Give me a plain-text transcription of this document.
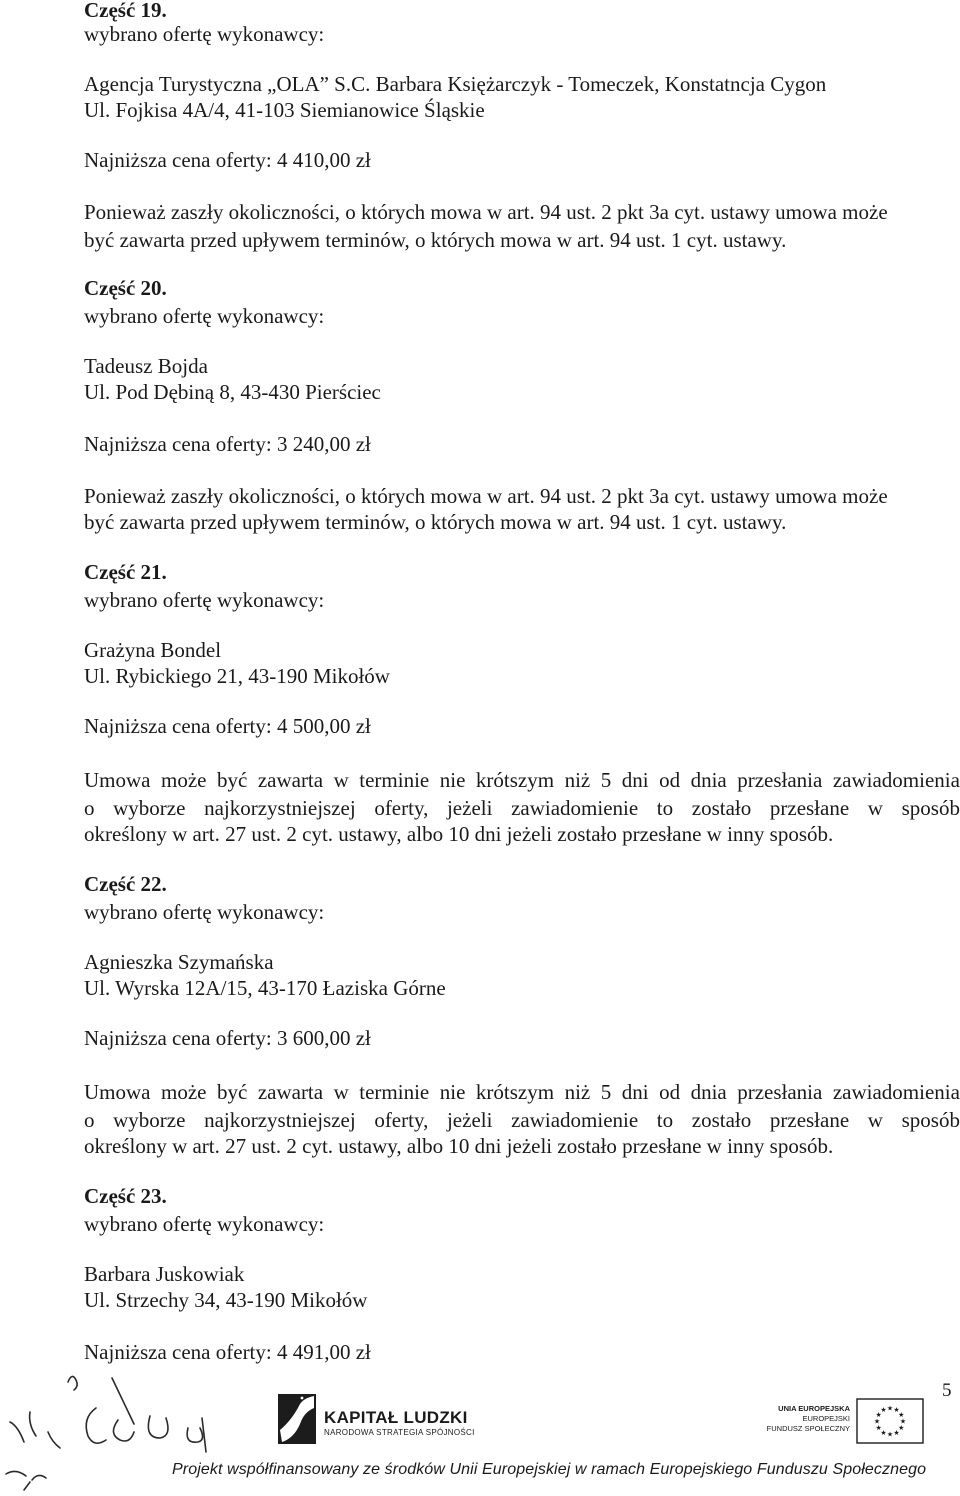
Część 19.
wybrano ofertę wykonawcy:
Agencja Turystyczna „OLA” S.C. Barbara Księżarczyk - Tomeczek, Konstatncja Cygon
Ul. Fojkisa 4A/4, 41-103 Siemianowice Śląskie
Najniższa cena oferty: 4 410,00 zł
Ponieważ zaszły okoliczności, o których mowa w art. 94 ust. 2 pkt 3a cyt. ustawy umowa może
być zawarta przed upływem terminów, o których mowa w art. 94 ust. 1 cyt. ustawy.
Część 20.
wybrano ofertę wykonawcy:
Tadeusz Bojda
Ul. Pod Dębiną 8, 43-430 Pierściec
Najniższa cena oferty: 3 240,00 zł
Ponieważ zaszły okoliczności, o których mowa w art. 94 ust. 2 pkt 3a cyt. ustawy umowa może
być zawarta przed upływem terminów, o których mowa w art. 94 ust. 1 cyt. ustawy.
Część 21.
wybrano ofertę wykonawcy:
Grażyna Bondel
Ul. Rybickiego 21, 43-190 Mikołów
Najniższa cena oferty: 4 500,00 zł
Umowa może być zawarta w terminie nie krótszym niż 5 dni od dnia przesłania zawiadomienia
o wyborze najkorzystniejszej oferty, jeżeli zawiadomienie to zostało przesłane w sposób
określony w art. 27 ust. 2 cyt. ustawy, albo 10 dni jeżeli zostało przesłane w inny sposób.
Część 22.
wybrano ofertę wykonawcy:
Agnieszka Szymańska
Ul. Wyrska 12A/15, 43-170 Łaziska Górne
Najniższa cena oferty: 3 600,00 zł
Umowa może być zawarta w terminie nie krótszym niż 5 dni od dnia przesłania zawiadomienia
o wyborze najkorzystniejszej oferty, jeżeli zawiadomienie to zostało przesłane w sposób
określony w art. 27 ust. 2 cyt. ustawy, albo 10 dni jeżeli zostało przesłane w inny sposób.
Część 23.
wybrano ofertę wykonawcy:
Barbara Juskowiak
Ul. Strzechy 34, 43-190 Mikołów
Najniższa cena oferty: 4 491,00 zł
5
KAPITAŁ LUDZKI
NARODOWA STRATEGIA SPÓJNOŚCI
UNIA EUROPEJSKA
EUROPEJSKI
FUNDUSZ SPOŁECZNY
★
★
★
★
★
★
★
★
★ ★ ★
★
Projekt współfinansowany ze środków Unii Europejskiej w ramach Europejskiego Funduszu Społecznego
